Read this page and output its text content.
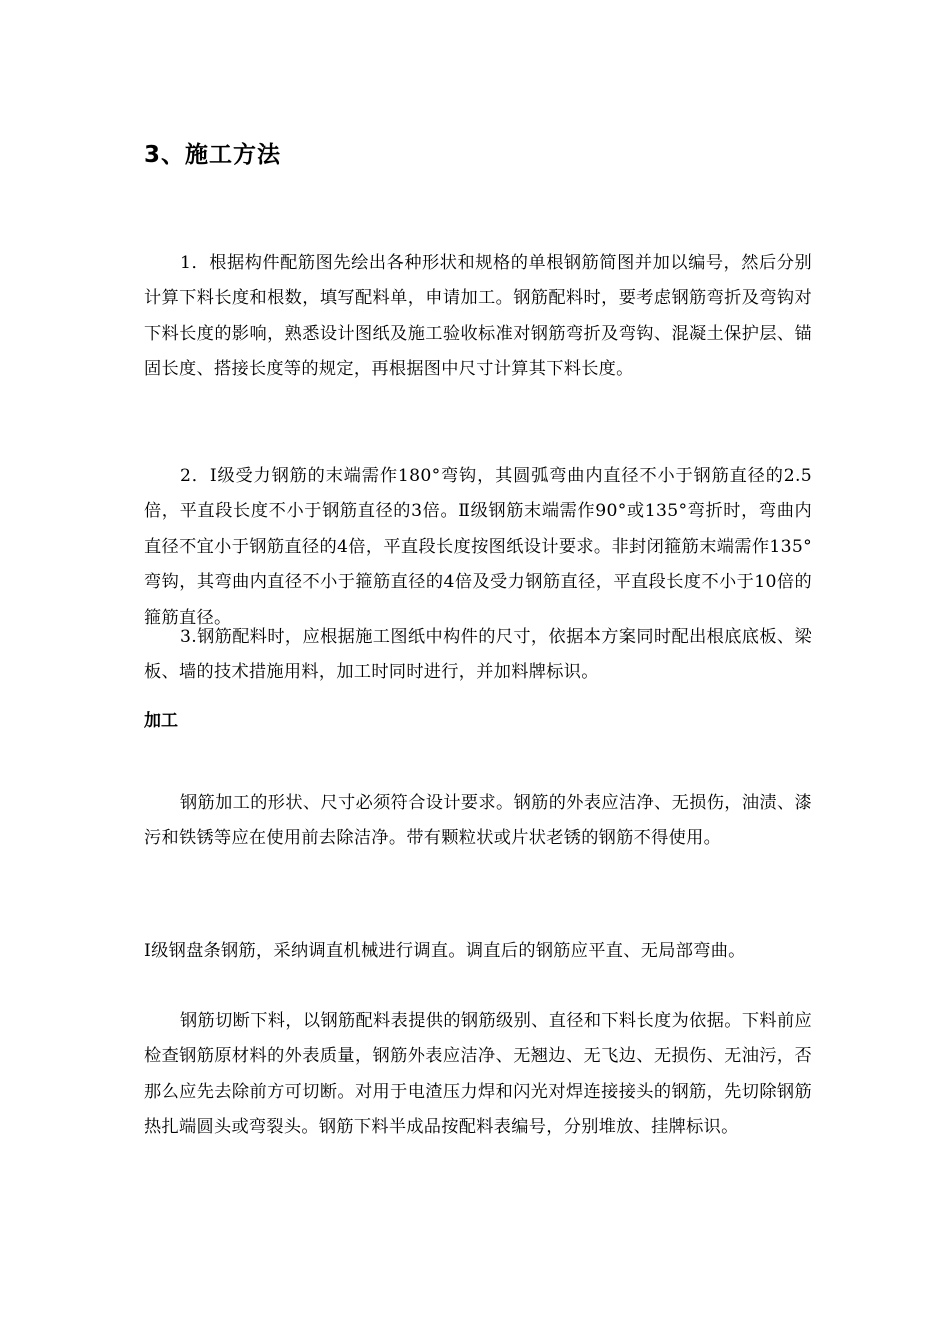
3、施工方法

1．根据构件配筋图先绘出各种形状和规格的单根钢筋简图并加以编号，然后分别计算下料长度和根数，填写配料单，申请加工。钢筋配料时，要考虑钢筋弯折及弯钩对下料长度的影响，熟悉设计图纸及施工验收标准对钢筋弯折及弯钩、混凝土保护层、锚固长度、搭接长度等的规定，再根据图中尺寸计算其下料长度。

2．Ⅰ级受力钢筋的末端需作180°弯钩，其圆弧弯曲内直径不小于钢筋直径的2.5倍，平直段长度不小于钢筋直径的3倍。Ⅱ级钢筋末端需作90°或135°弯折时，弯曲内直径不宜小于钢筋直径的4倍，平直段长度按图纸设计要求。非封闭箍筋末端需作135°弯钩，其弯曲内直径不小于箍筋直径的4倍及受力钢筋直径，平直段长度不小于10倍的箍筋直径。

3.钢筋配料时，应根据施工图纸中构件的尺寸，依据本方案同时配出根底底板、梁板、墙的技术措施用料，加工时同时进行，并加料牌标识。

加工

钢筋加工的形状、尺寸必须符合设计要求。钢筋的外表应洁净、无损伤，油渍、漆污和铁锈等应在使用前去除洁净。带有颗粒状或片状老锈的钢筋不得使用。

Ⅰ级钢盘条钢筋，采纳调直机械进行调直。调直后的钢筋应平直、无局部弯曲。

钢筋切断下料，以钢筋配料表提供的钢筋级别、直径和下料长度为依据。下料前应检查钢筋原材料的外表质量，钢筋外表应洁净、无翘边、无飞边、无损伤、无油污，否那么应先去除前方可切断。对用于电渣压力焊和闪光对焊连接接头的钢筋，先切除钢筋热扎端圆头或弯裂头。钢筋下料半成品按配料表编号，分别堆放、挂牌标识。
